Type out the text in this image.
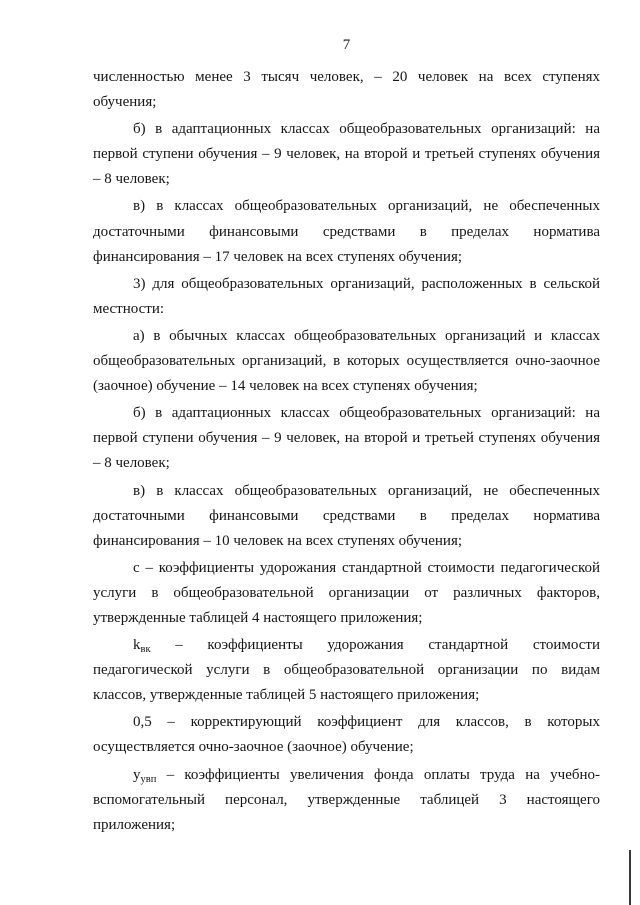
7
численностью менее 3 тысяч человек, – 20 человек на всех ступенях
обучения;
б) в адаптационных классах общеобразовательных организаций: на
первой ступени обучения – 9 человек, на второй и третьей ступенях обучения
– 8 человек;
в) в классах общеобразовательных организаций, не обеспеченных
достаточными финансовыми средствами в пределах норматива
финансирования – 17 человек на всех ступенях обучения;
3) для общеобразовательных организаций, расположенных в сельской
местности:
а) в обычных классах общеобразовательных организаций и классах
общеобразовательных организаций, в которых осуществляется очно-заочное
(заочное) обучение – 14 человек на всех ступенях обучения;
б) в адаптационных классах общеобразовательных организаций: на
первой ступени обучения – 9 человек, на второй и третьей ступенях обучения
– 8 человек;
в) в классах общеобразовательных организаций, не обеспеченных
достаточными финансовыми средствами в пределах норматива
финансирования – 10 человек на всех ступенях обучения;
с – коэффициенты удорожания стандартной стоимости педагогической
услуги в общеобразовательной организации от различных факторов,
утвержденные таблицей 4 настоящего приложения;
$k_{вк}$ – коэффициенты удорожания стандартной стоимости
педагогической услуги в общеобразовательной организации по видам
классов, утвержденные таблицей 5 настоящего приложения;
0,5 – корректирующий коэффициент для классов, в которых
осуществляется очно-заочное (заочное) обучение;
$у_{увп}$ – коэффициенты увеличения фонда оплаты труда на учебно-
вспомогательный персонал, утвержденные таблицей 3 настоящего
приложения;
